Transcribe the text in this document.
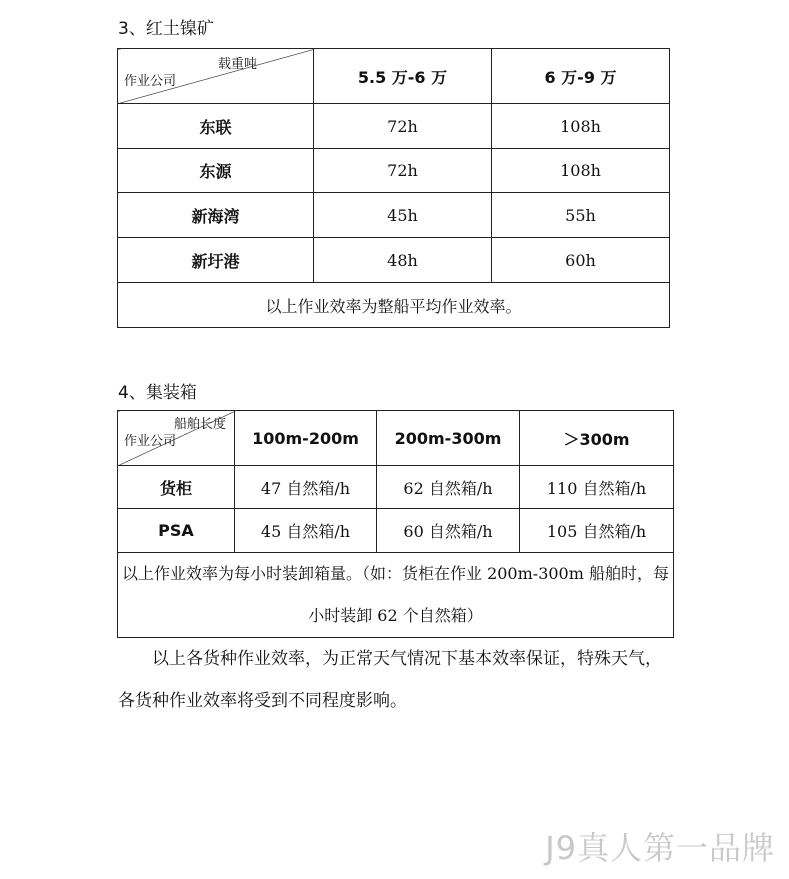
3、红土镍矿
载重吨
作业公司	5.5 万-6 万	6 万-9 万
东联	72h	108h
东源	72h	108h
新海湾	45h	55h
新圩港	48h	60h
以上作业效率为整船平均作业效率。		
4、集装箱
船舶长度
作业公司	100m-200m	200m-300m	＞300m
货柜	47 自然箱/h	62 自然箱/h	110 自然箱/h
PSA	45 自然箱/h	60 自然箱/h	105 自然箱/h
以上作业效率为每小时装卸箱量。（如：货柜在作业 200m-300m 船舶时，每小时装卸 62 个自然箱）			
以上各货种作业效率，为正常天气情况下基本效率保证，特殊天气，各货种作业效率将受到不同程度影响。
J9真人第一品牌
